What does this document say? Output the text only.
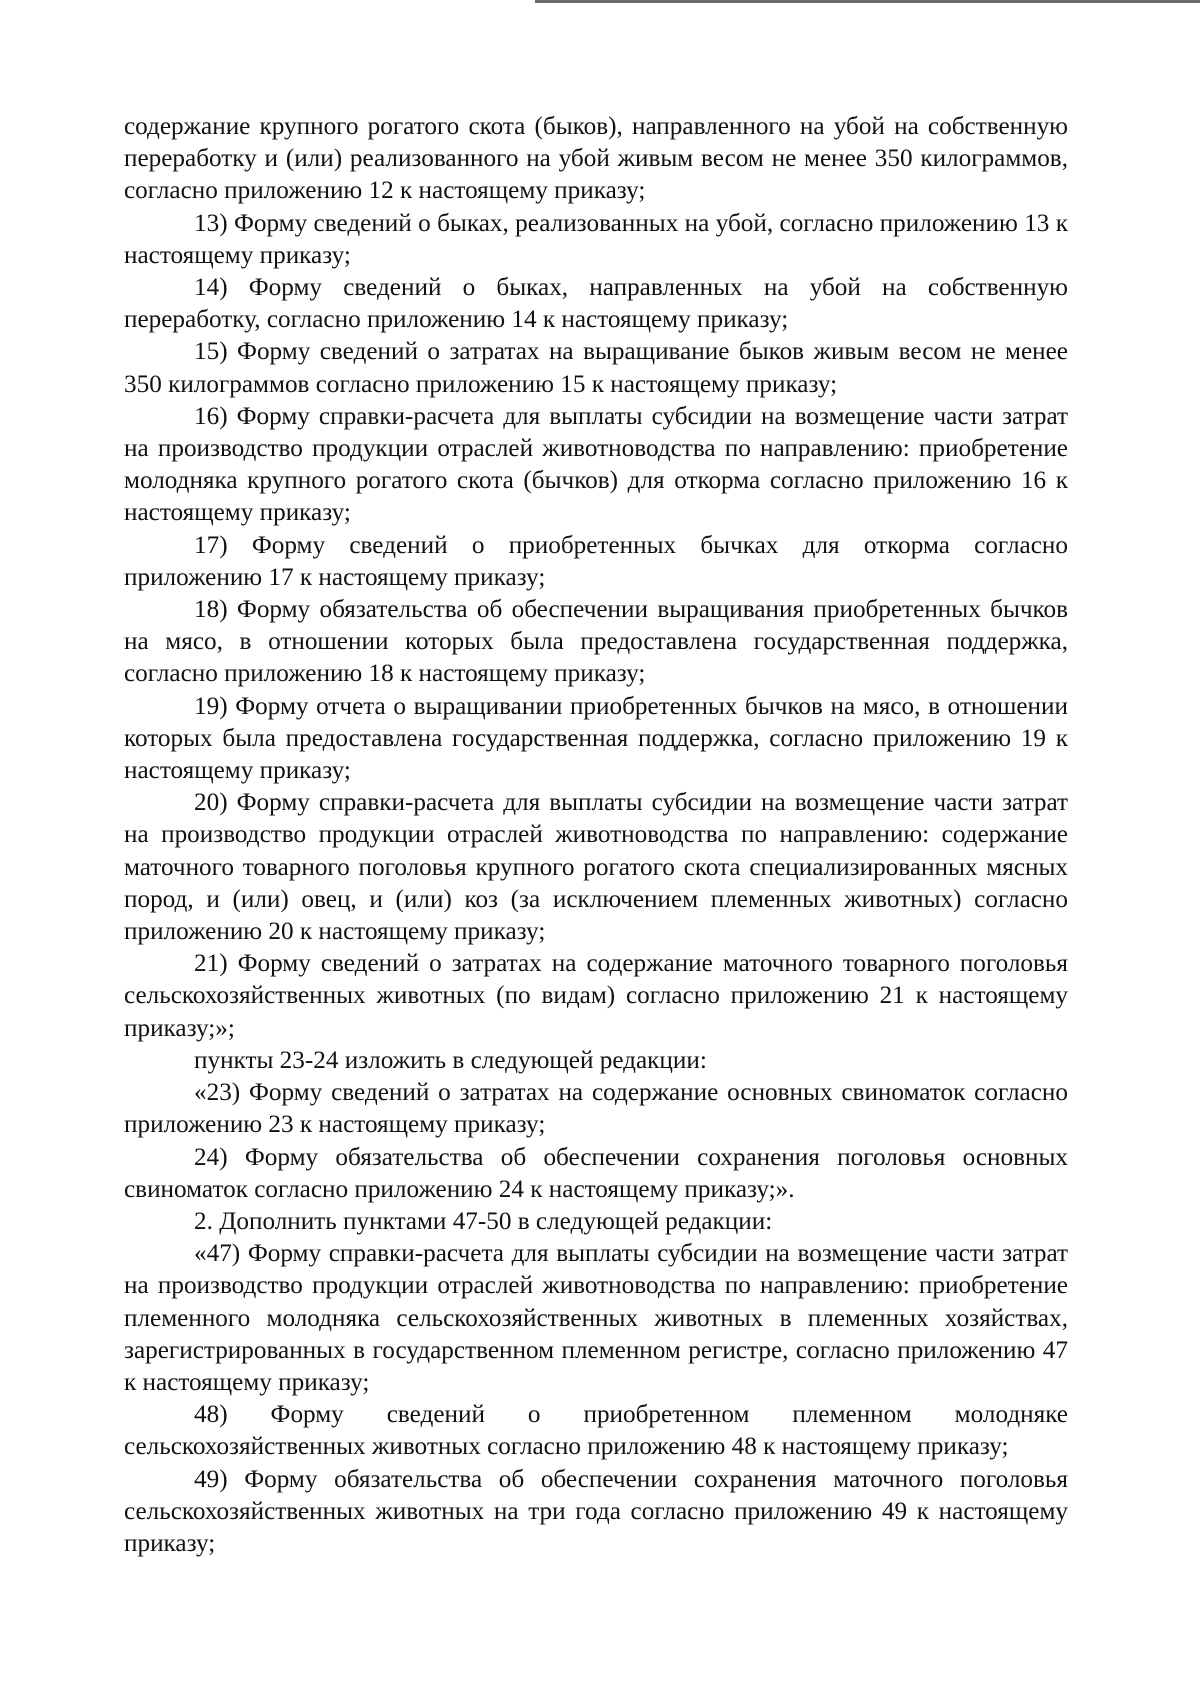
содержание крупного рогатого скота (быков), направленного на убой на собственную переработку и (или) реализованного на убой живым весом не менее 350 килограммов, согласно приложению 12 к настоящему приказу;

13) Форму сведений о быках, реализованных на убой, согласно приложению 13 к настоящему приказу;

14) Форму сведений о быках, направленных на убой на собственную переработку, согласно приложению 14 к настоящему приказу;

15) Форму сведений о затратах на выращивание быков живым весом не менее 350 килограммов согласно приложению 15 к настоящему приказу;

16) Форму справки-расчета для выплаты субсидии на возмещение части затрат на производство продукции отраслей животноводства по направлению: приобретение молодняка крупного рогатого скота (бычков) для откорма согласно приложению 16 к настоящему приказу;

17) Форму сведений о приобретенных бычках для откорма согласно приложению 17 к настоящему приказу;

18) Форму обязательства об обеспечении выращивания приобретенных бычков на мясо, в отношении которых была предоставлена государственная поддержка, согласно приложению 18 к настоящему приказу;

19) Форму отчета о выращивании приобретенных бычков на мясо, в отношении которых была предоставлена государственная поддержка, согласно приложению 19 к настоящему приказу;

20) Форму справки-расчета для выплаты субсидии на возмещение части затрат на производство продукции отраслей животноводства по направлению: содержание маточного товарного поголовья крупного рогатого скота специализированных мясных пород, и (или) овец, и (или) коз (за исключением племенных животных) согласно приложению 20 к настоящему приказу;

21) Форму сведений о затратах на содержание маточного товарного поголовья сельскохозяйственных животных (по видам) согласно приложению 21 к настоящему приказу;»;

пункты 23-24 изложить в следующей редакции:

«23) Форму сведений о затратах на содержание основных свиноматок согласно приложению 23 к настоящему приказу;

24) Форму обязательства об обеспечении сохранения поголовья основных свиноматок согласно приложению 24 к настоящему приказу;».

2. Дополнить пунктами 47-50 в следующей редакции:

«47) Форму справки-расчета для выплаты субсидии на возмещение части затрат на производство продукции отраслей животноводства по направлению: приобретение племенного молодняка сельскохозяйственных животных в племенных хозяйствах, зарегистрированных в государственном племенном регистре, согласно приложению 47 к настоящему приказу;

48) Форму сведений о приобретенном племенном молодняке сельскохозяйственных животных согласно приложению 48 к настоящему приказу;

49) Форму обязательства об обеспечении сохранения маточного поголовья сельскохозяйственных животных на три года согласно приложению 49 к настоящему приказу;
